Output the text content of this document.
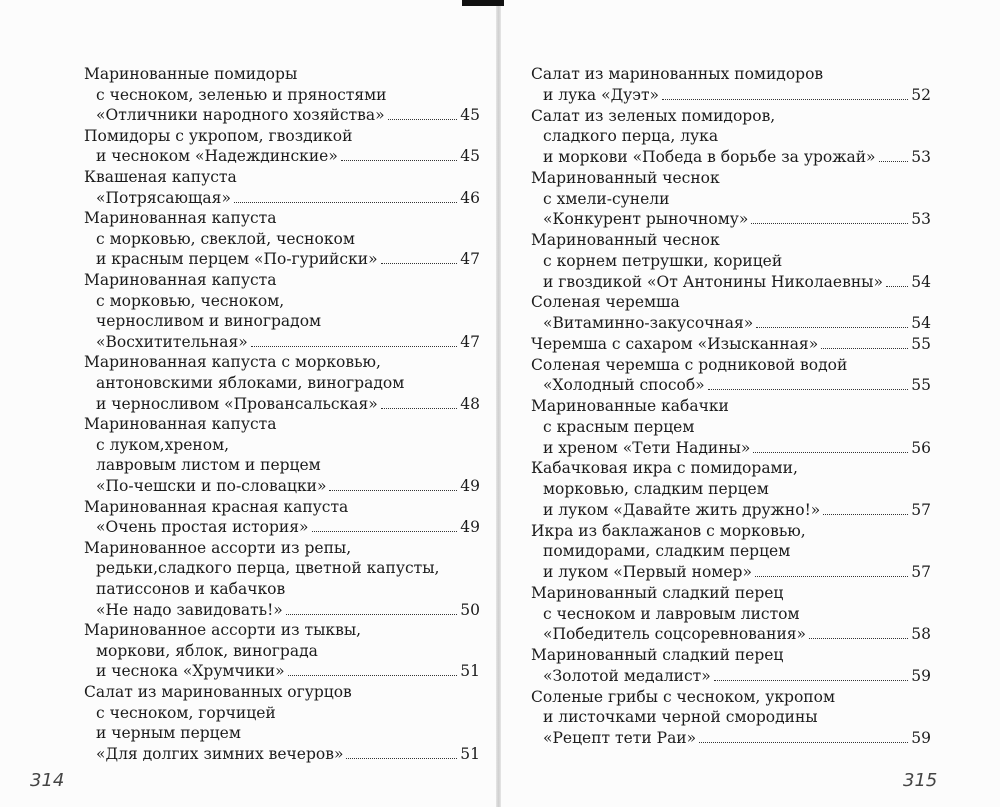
Маринованные помидоры
с чесноком, зеленью и пряностями
«Отличники народного хозяйства»	45
Помидоры с укропом, гвоздикой
и чесноком «Надеждинские»	45
Квашеная капуста
«Потрясающая»	46
Маринованная капуста
с морковью, свеклой, чесноком
и красным перцем «По-гурийски»	47
Маринованная капуста
с морковью, чесноком,
черносливом и виноградом
«Восхитительная»	47
Маринованная капуста с морковью,
антоновскими яблоками, виноградом
и черносливом «Провансальская»	48
Маринованная капуста
с луком,хреном,
лавровым листом и перцем
«По-чешски и по-словацки»	49
Маринованная красная капуста
«Очень простая история»	49
Маринованное ассорти из репы,
редьки,сладкого перца, цветной капусты,
патиссонов и кабачков
«Не надо завидовать!»	50
Маринованное ассорти из тыквы,
моркови, яблок, винограда
и чеснока «Хрумчики»	51
Салат из маринованных огурцов
с чесноком, горчицей
и черным перцем
«Для долгих зимних вечеров»	51
Салат из маринованных помидоров
и лука «Дуэт»	52
Салат из зеленых помидоров,
сладкого перца, лука
и моркови «Победа в борьбе за урожай» 53
Маринованный чеснок
с хмели-сунели
«Конкурент рыночному»	53
Маринованный чеснок
с корнем петрушки, корицей
и гвоздикой «От Антонины Николаевны» 54
Соленая черемша
«Витаминно-закусочная»	54
Черемша с сахаром «Изысканная»	55
Соленая черемша с родниковой водой
«Холодный способ»	55
Маринованные кабачки
с красным перцем
и хреном «Тети Надины»	56
Кабачковая икра с помидорами,
морковью, сладким перцем
и луком «Давайте жить дружно!»	57
Икра из баклажанов с морковью,
помидорами, сладким перцем
и луком «Первый номер»	57
Маринованный сладкий перец
с чесноком и лавровым листом
«Победитель соцсоревнования»	58
Маринованный сладкий перец
«Золотой медалист»	59
Соленые грибы с чесноком, укропом
и листочками черной смородины
«Рецепт тети Раи»	59
314	315
